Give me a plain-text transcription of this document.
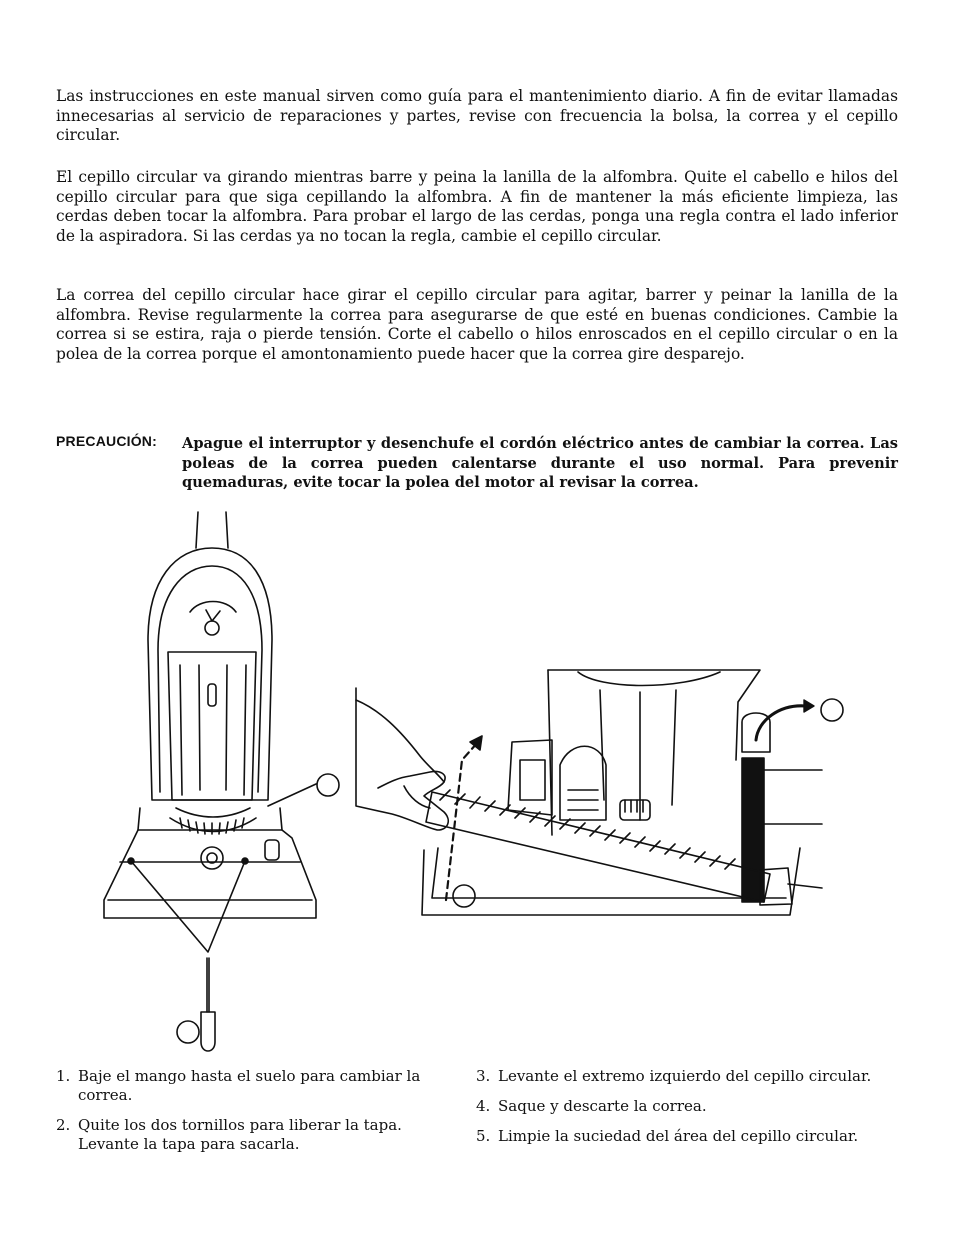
Las instrucciones en este manual sirven como guía para el mantenimiento diario. A fin de evitar llamadas innecesarias al servicio de reparaciones y partes, revise con frecuencia la bolsa, la correa y el cepillo circular.

El cepillo circular va girando mientras barre y peina la lanilla de la alfombra. Quite el cabello e hilos del cepillo circular para que siga cepillando la alfombra. A fin de mantener la más eficiente limpieza, las cerdas deben tocar la alfombra. Para probar el largo de las cerdas, ponga una regla contra el lado inferior de la aspiradora. Si las cerdas ya no tocan la regla, cambie el cepillo circular.

La correa del cepillo circular hace girar el cepillo circular para agitar, barrer y peinar la lanilla de la alfombra. Revise regularmente la correa para asegurarse de que esté en buenas condiciones. Cambie la correa si se estira, raja o pierde tensión. Corte el cabello o hilos enroscados en el cepillo circular o en la polea de la correa porque el amontonamiento puede hacer que la correa gire desparejo.

PRECAUCIÓN: Apague el interruptor y desenchufe el cordón eléctrico antes de cambiar la correa. Las poleas de la correa pueden calentarse durante el uso normal. Para prevenir quemaduras, evite tocar la polea del motor al revisar la correa.

1. Baje el mango hasta el suelo para cambiar la correa.
2. Quite los dos tornillos para liberar la tapa. Levante la tapa para sacarla.
3. Levante el extremo izquierdo del cepillo circular.
4. Saque y descarte la correa.
5. Limpie la suciedad del área del cepillo circular.
